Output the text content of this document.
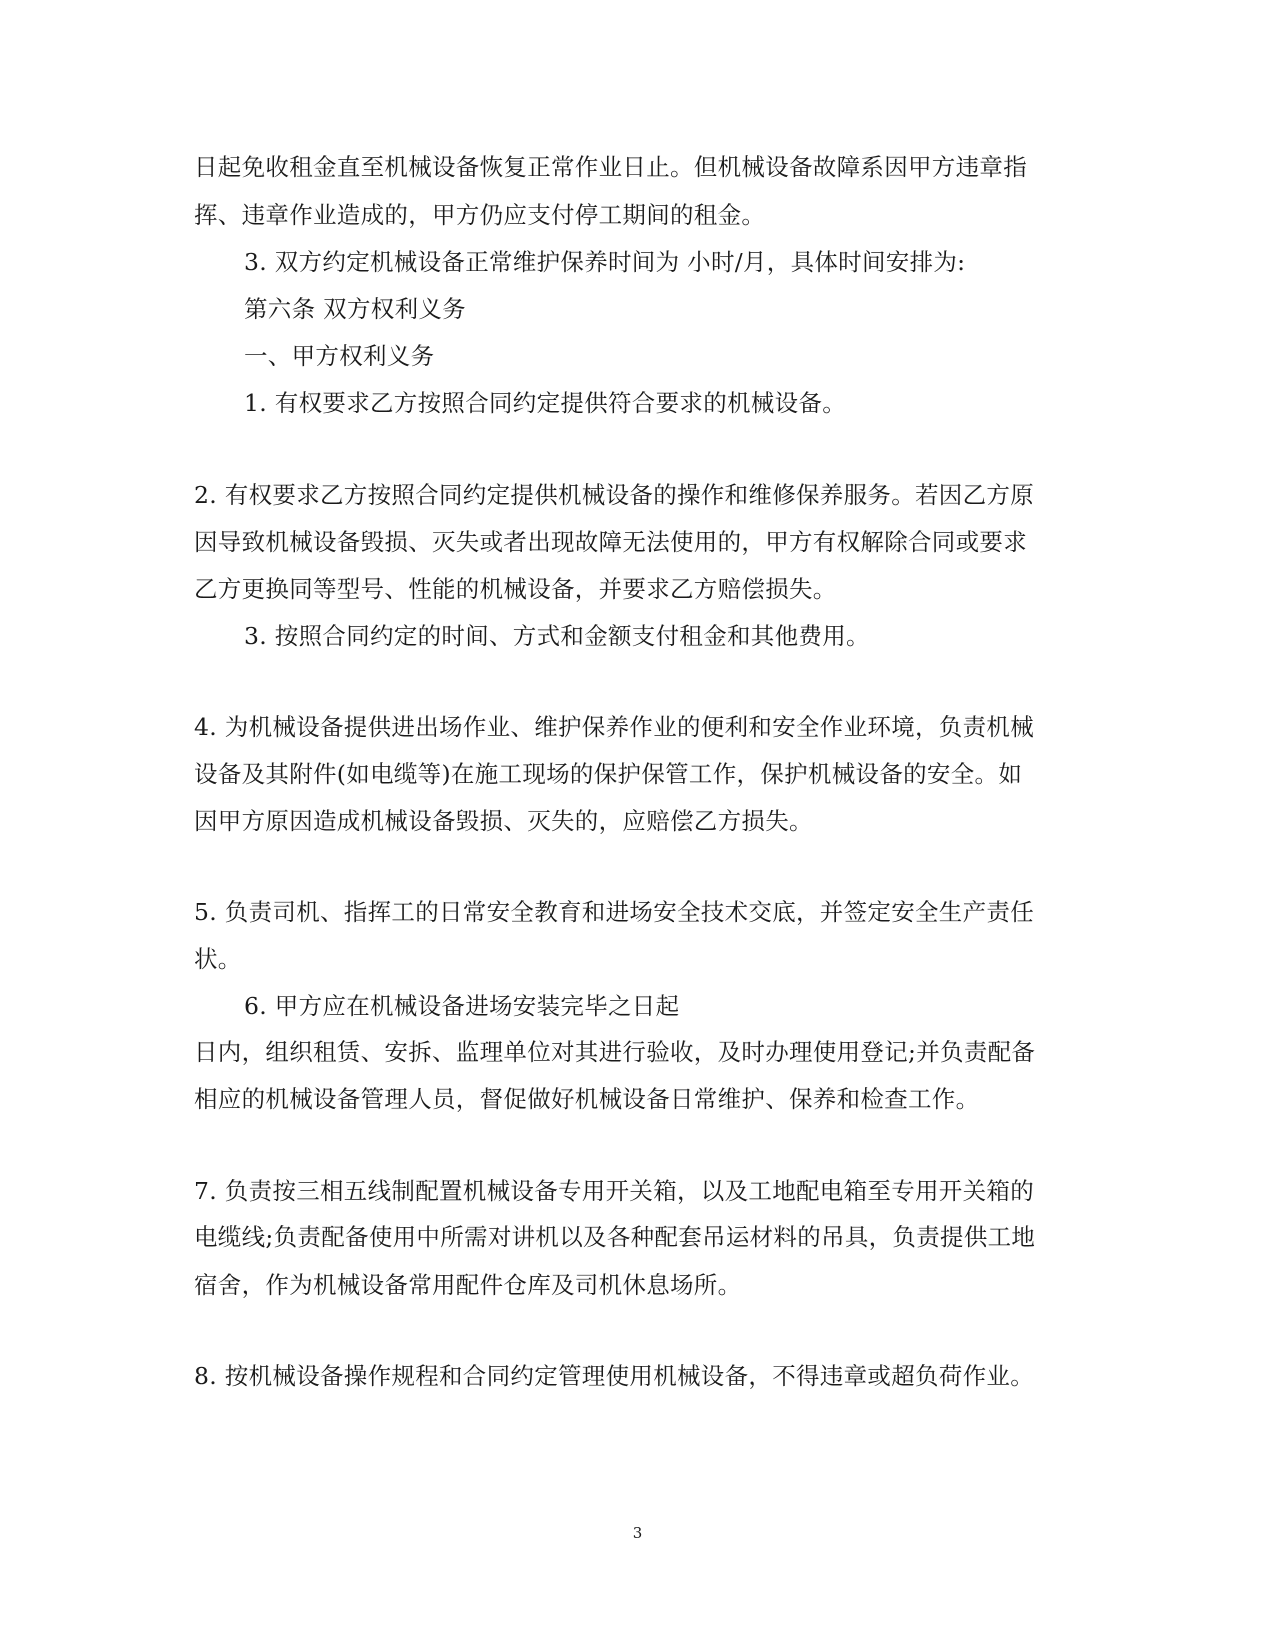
日起免收租金直至机械设备恢复正常作业日止。但机械设备故障系因甲方违章指
挥、违章作业造成的，甲方仍应支付停工期间的租金。
3. 双方约定机械设备正常维护保养时间为 小时/月，具体时间安排为:
第六条 双方权利义务
一、甲方权利义务
1. 有权要求乙方按照合同约定提供符合要求的机械设备。
2. 有权要求乙方按照合同约定提供机械设备的操作和维修保养服务。若因乙方原
因导致机械设备毁损、灭失或者出现故障无法使用的，甲方有权解除合同或要求
乙方更换同等型号、性能的机械设备，并要求乙方赔偿损失。
3. 按照合同约定的时间、方式和金额支付租金和其他费用。
4. 为机械设备提供进出场作业、维护保养作业的便利和安全作业环境，负责机械
设备及其附件(如电缆等)在施工现场的保护保管工作，保护机械设备的安全。如
因甲方原因造成机械设备毁损、灭失的，应赔偿乙方损失。
5. 负责司机、指挥工的日常安全教育和进场安全技术交底，并签定安全生产责任
状。
6. 甲方应在机械设备进场安装完毕之日起
日内，组织租赁、安拆、监理单位对其进行验收，及时办理使用登记;并负责配备
相应的机械设备管理人员，督促做好机械设备日常维护、保养和检查工作。
7. 负责按三相五线制配置机械设备专用开关箱，以及工地配电箱至专用开关箱的
电缆线;负责配备使用中所需对讲机以及各种配套吊运材料的吊具，负责提供工地
宿舍，作为机械设备常用配件仓库及司机休息场所。
8. 按机械设备操作规程和合同约定管理使用机械设备，不得违章或超负荷作业。
3
